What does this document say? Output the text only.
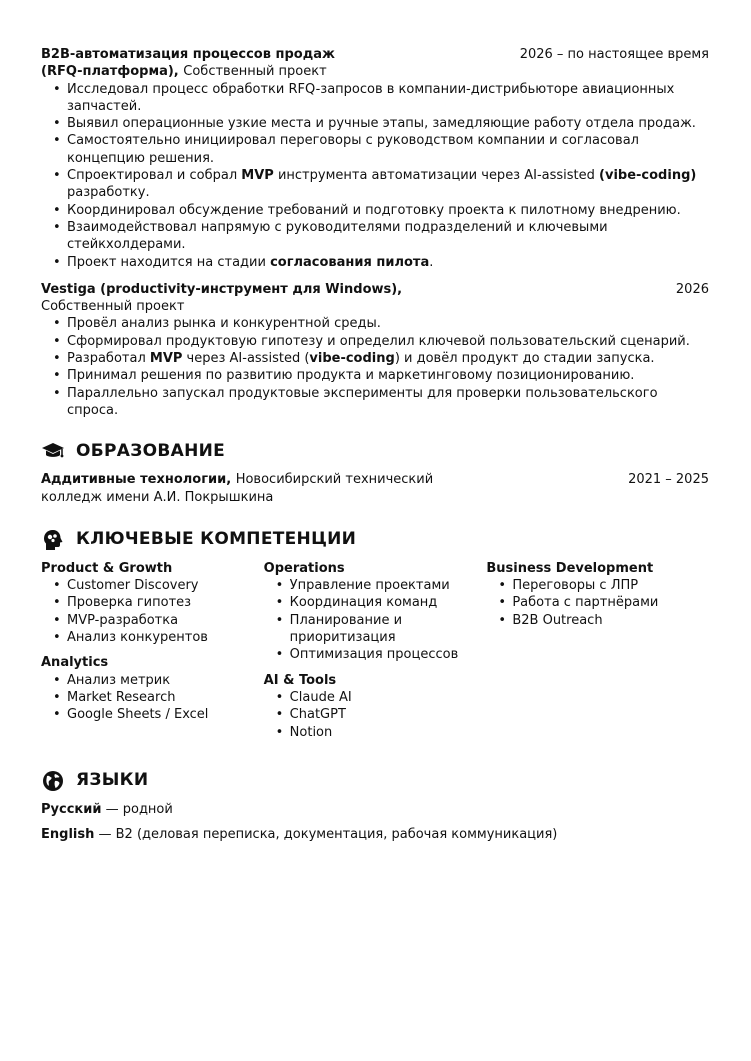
B2B-автоматизация процессов продаж (RFQ-платформа), Собственный проект
2026 – по настоящее время
• Исследовал процесс обработки RFQ-запросов в компании-дистрибьюторе авиационных запчастей.
• Выявил операционные узкие места и ручные этапы, замедляющие работу отдела продаж.
• Самостоятельно инициировал переговоры с руководством компании и согласовал концепцию решения.
• Спроектировал и собрал MVP инструмента автоматизации через AI-assisted (vibe-coding) разработку.
• Координировал обсуждение требований и подготовку проекта к пилотному внедрению.
• Взаимодействовал напрямую с руководителями подразделений и ключевыми стейкхолдерами.
• Проект находится на стадии согласования пилота.
Vestiga (productivity-инструмент для Windows),
Собственный проект
2026
• Провёл анализ рынка и конкурентной среды.
• Сформировал продуктовую гипотезу и определил ключевой пользовательский сценарий.
• Разработал MVP через AI-assisted (vibe-coding) и довёл продукт до стадии запуска.
• Принимал решения по развитию продукта и маркетинговому позиционированию.
• Параллельно запускал продуктовые эксперименты для проверки пользовательского спроса.
ОБРАЗОВАНИЕ
Аддитивные технологии, Новосибирский технический колледж имени А.И. Покрышкина
2021 – 2025
КЛЮЧЕВЫЕ КОМПЕТЕНЦИИ
Product & Growth
• Customer Discovery
• Проверка гипотез
• MVP-разработка
• Анализ конкурентов
Analytics
• Анализ метрик
• Market Research
• Google Sheets / Excel
Operations
• Управление проектами
• Координация команд
• Планирование и приоритизация
• Оптимизация процессов
AI & Tools
• Claude AI
• ChatGPT
• Notion
Business Development
• Переговоры с ЛПР
• Работа с партнёрами
• B2B Outreach
ЯЗЫКИ
Русский — родной
English — B2 (деловая переписка, документация, рабочая коммуникация)
